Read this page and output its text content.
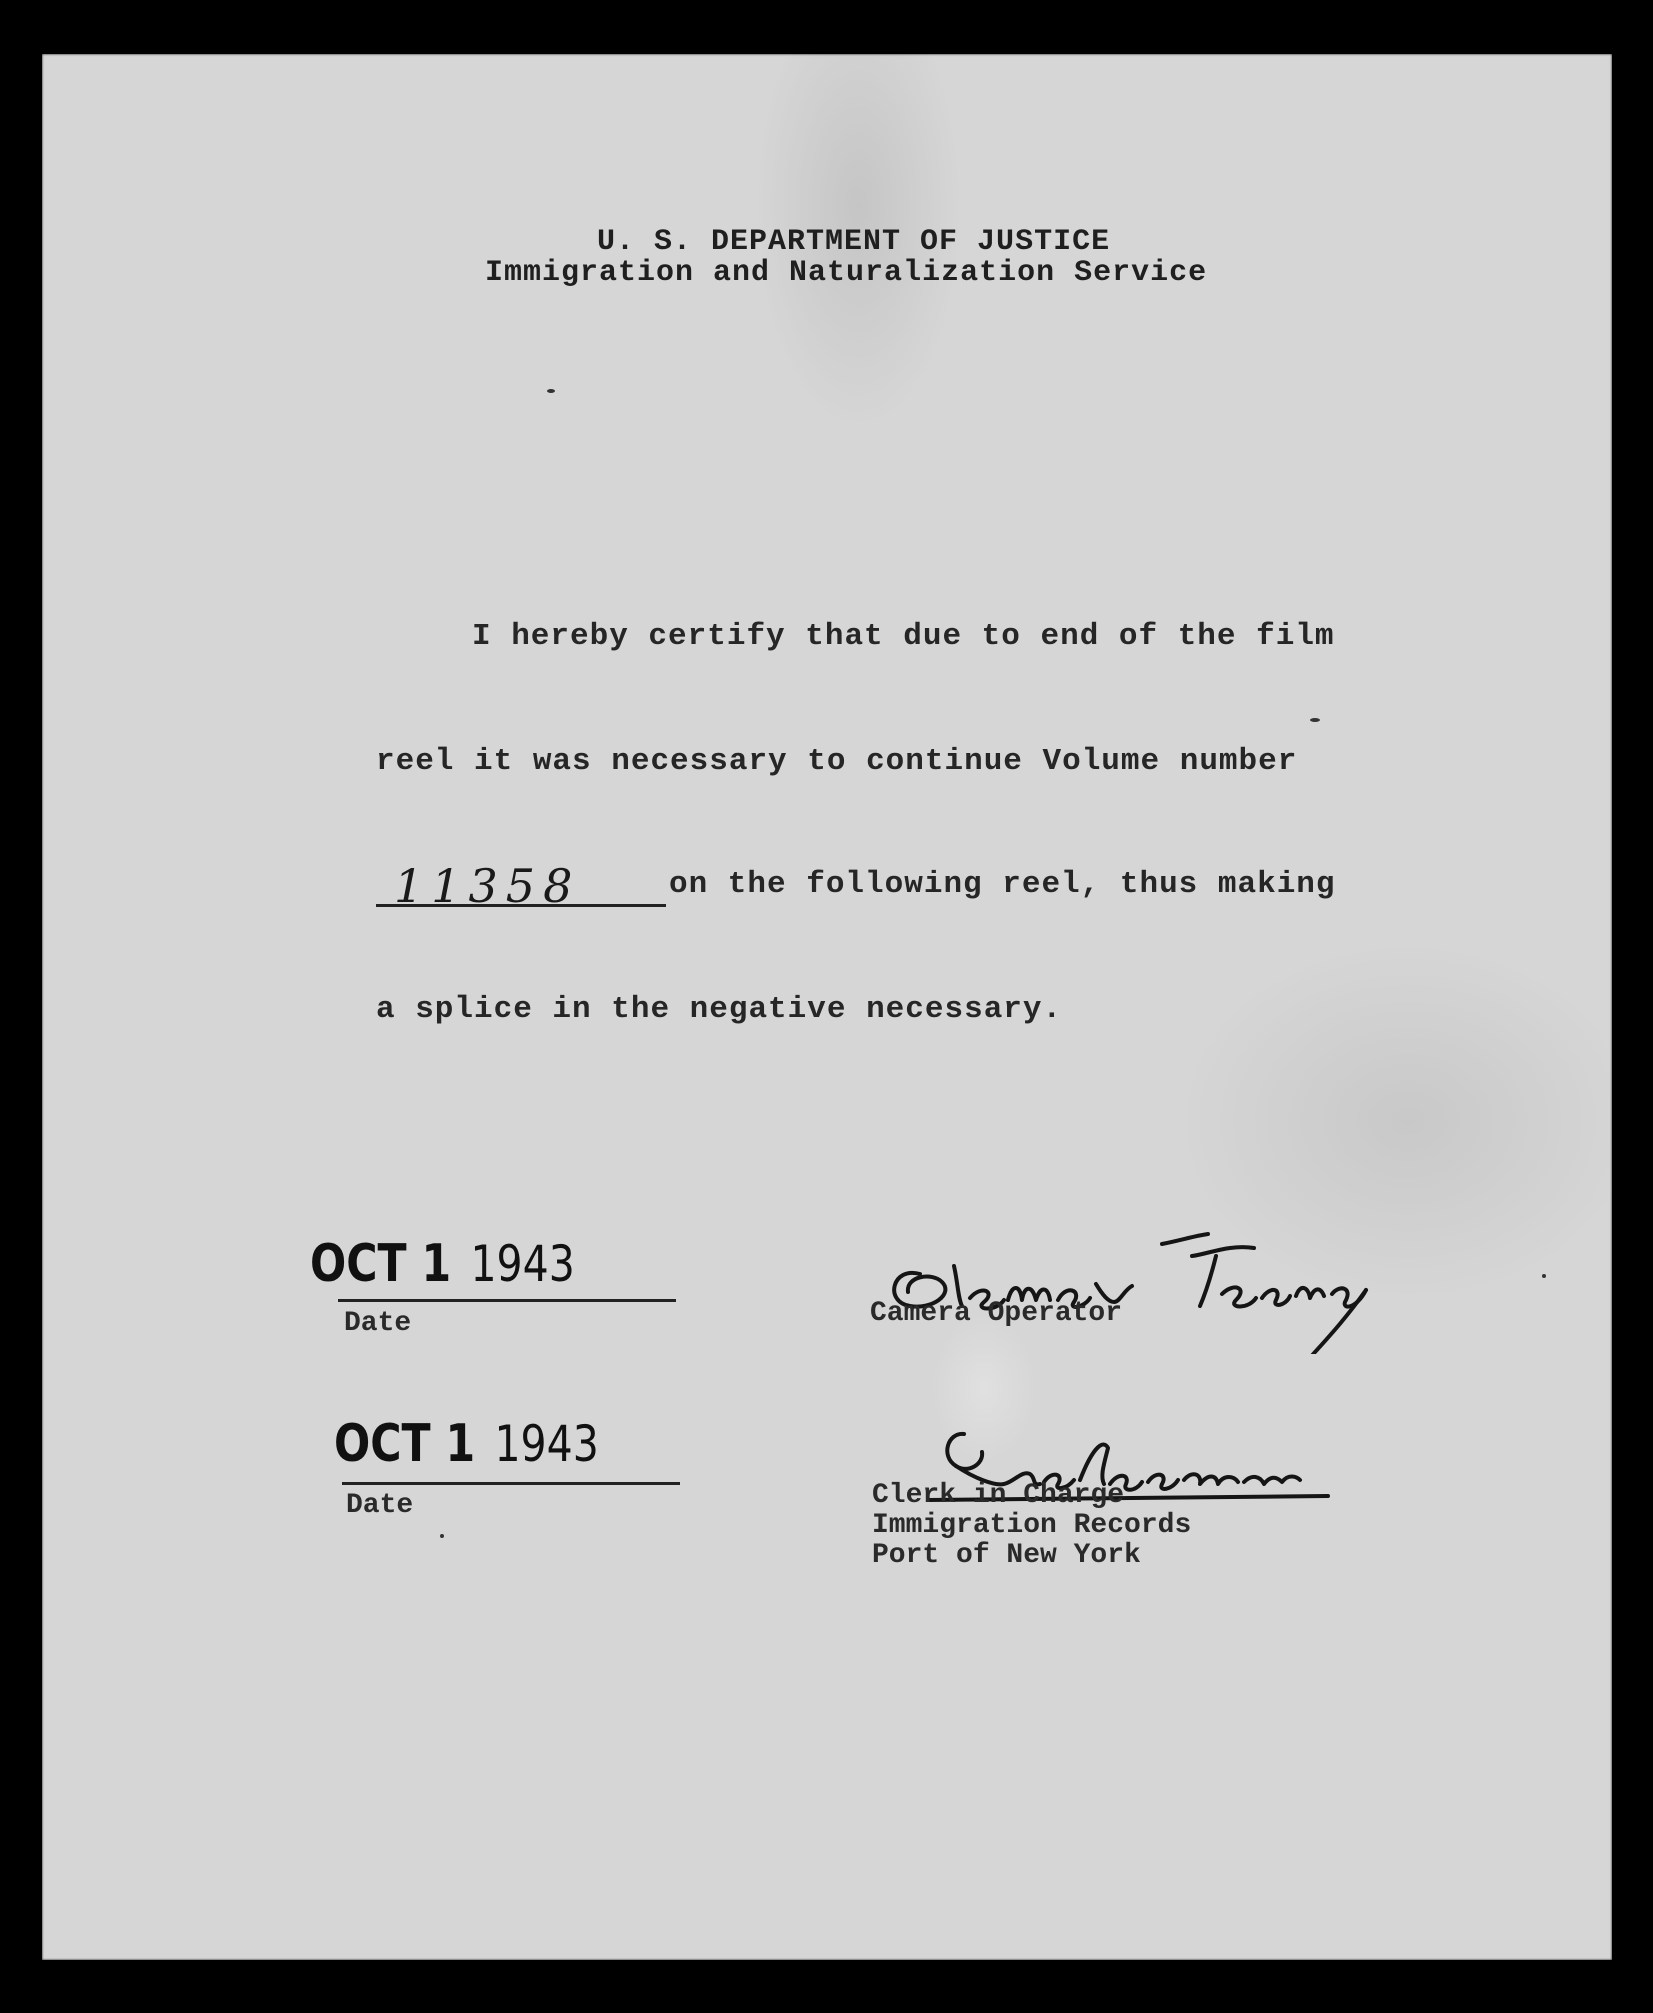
U. S. DEPARTMENT OF JUSTICE
Immigration and Naturalization Service
I hereby certify that due to end of the film
reel it was necessary to continue Volume number
11358	on the following reel, thus making
a splice in the negative necessary.
OCT 1 1943
Date	Camera Operator
OCT 1 1943
Date	Clerk in Charge
Immigration Records
Port of New York
